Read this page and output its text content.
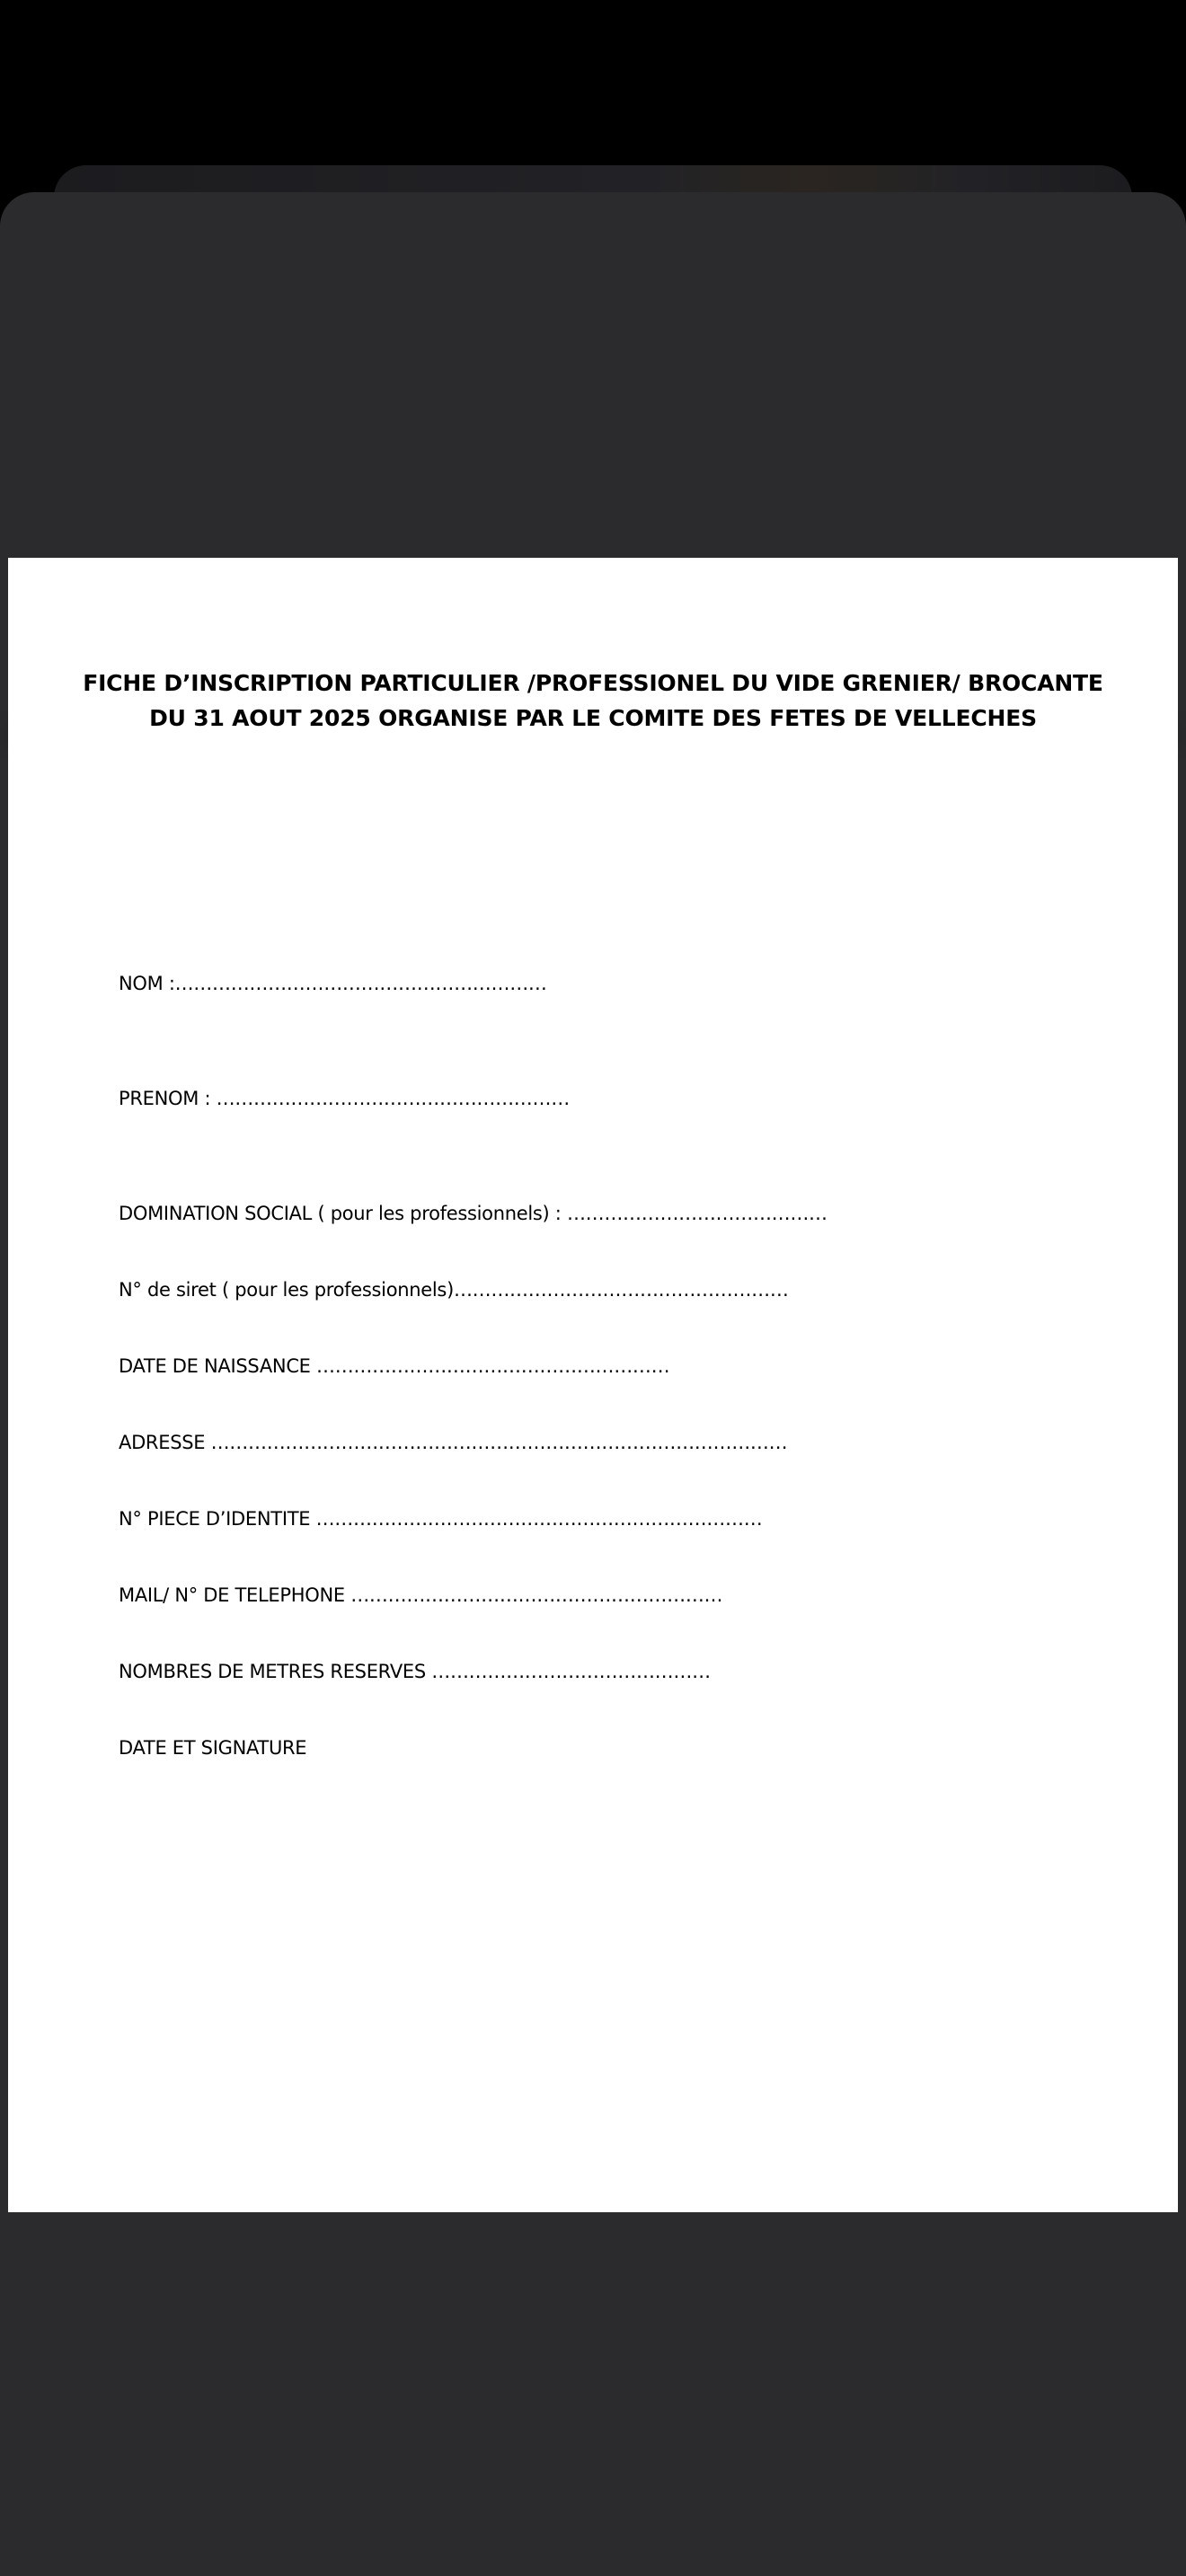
FICHE D’INSCRIPTION PARTICULIER /PROFESSIONEL DU VIDE GRENIER/ BROCANTE
DU 31 AOUT 2025 ORGANISE PAR LE COMITE DES FETES DE VELLECHES
NOM :……………………………………………………
PRENOM : …………………………………………………
DOMINATION SOCIAL ( pour les professionnels) : ……………………………………
N° de siret ( pour les professionnels)………………………………………………
DATE DE NAISSANCE …………………………………………………
ADRESSE …………………………………………………………………………………
N° PIECE D’IDENTITE ………………………………………………………………
MAIL/ N° DE TELEPHONE ……………………………………………………
NOMBRES DE METRES RESERVES ………………………………………
DATE ET SIGNATURE
